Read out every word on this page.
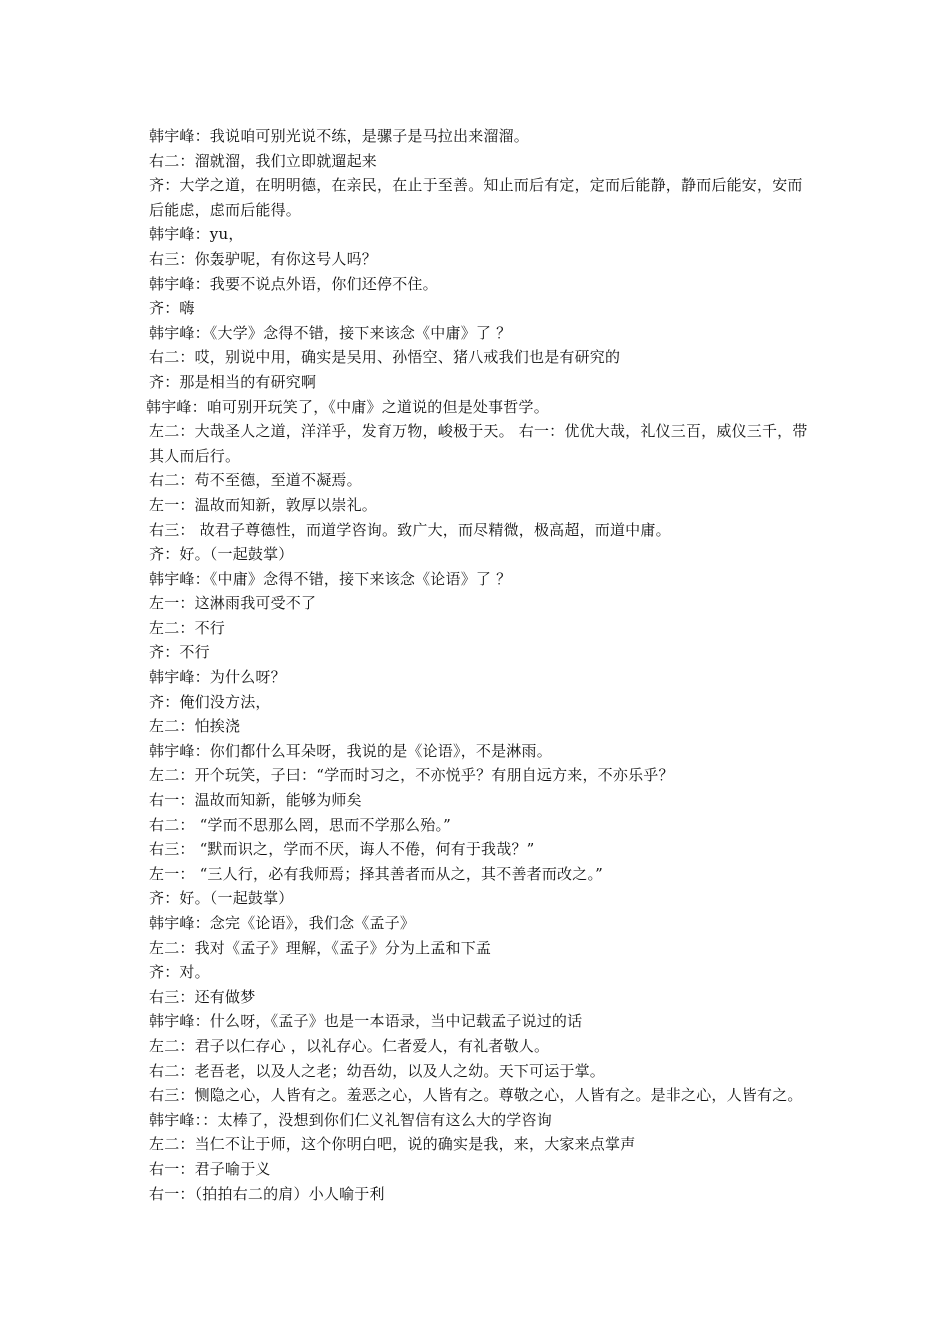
韩宇峰：我说咱可别光说不练，是骡子是马拉出来溜溜。
右二：溜就溜，我们立即就遛起来
齐：大学之道，在明明德，在亲民，在止于至善。知止而后有定，定而后能静，静而后能安，安而后能虑，虑而后能得。
韩宇峰：yu，
右三：你轰驴呢，有你这号人吗？
韩宇峰：我要不说点外语，你们还停不住。
齐：嗨
韩宇峰：《大学》念得不错，接下来该念《中庸》了 ？
右二：哎，别说中用，确实是吴用、孙悟空、猪八戒我们也是有研究的
齐：那是相当的有研究啊
韩宇峰：咱可别开玩笑了，《中庸》之道说的但是处事哲学。
左二：大哉圣人之道，洋洋乎，发育万物，峻极于天。 右一：优优大哉，礼仪三百，威仪三千，带其人而后行。
右二：苟不至德，至道不凝焉。
左一：温故而知新，敦厚以崇礼。
右三： 故君子尊德性，而道学咨询。致广大，而尽精微，极高超，而道中庸。
齐：好。（一起鼓掌）
韩宇峰：《中庸》念得不错，接下来该念《论语》了 ？
左一：这淋雨我可受不了
左二：不行
齐：不行
韩宇峰：为什么呀？
齐：俺们没方法，
左二：怕挨浇
韩宇峰：你们都什么耳朵呀，我说的是《论语》，不是淋雨。
左二：开个玩笑，子曰：“学而时习之，不亦悦乎？有朋自远方来，不亦乐乎？
右一：温故而知新，能够为师矣
右二： “学而不思那么罔，思而不学那么殆。”
右三： “默而识之，学而不厌，诲人不倦，何有于我哉？”
左一： “三人行，必有我师焉；择其善者而从之，其不善者而改之。”
齐：好。（一起鼓掌）
韩宇峰：念完《论语》，我们念《孟子》
左二：我对《孟子》理解，《孟子》分为上孟和下孟
齐：对。
右三：还有做梦
韩宇峰：什么呀，《孟子》也是一本语录，当中记载孟子说过的话
左二：君子以仁存心 ，以礼存心。仁者爱人，有礼者敬人。
右二：老吾老，以及人之老；幼吾幼，以及人之幼。天下可运于掌。
右三：恻隐之心，人皆有之。羞恶之心，人皆有之。尊敬之心，人皆有之。是非之心，人皆有之。韩宇峰：：太棒了，没想到你们仁义礼智信有这么大的学咨询
左二：当仁不让于师，这个你明白吧，说的确实是我，来，大家来点掌声
右一：君子喻于义
右一：（拍拍右二的肩）小人喻于利
